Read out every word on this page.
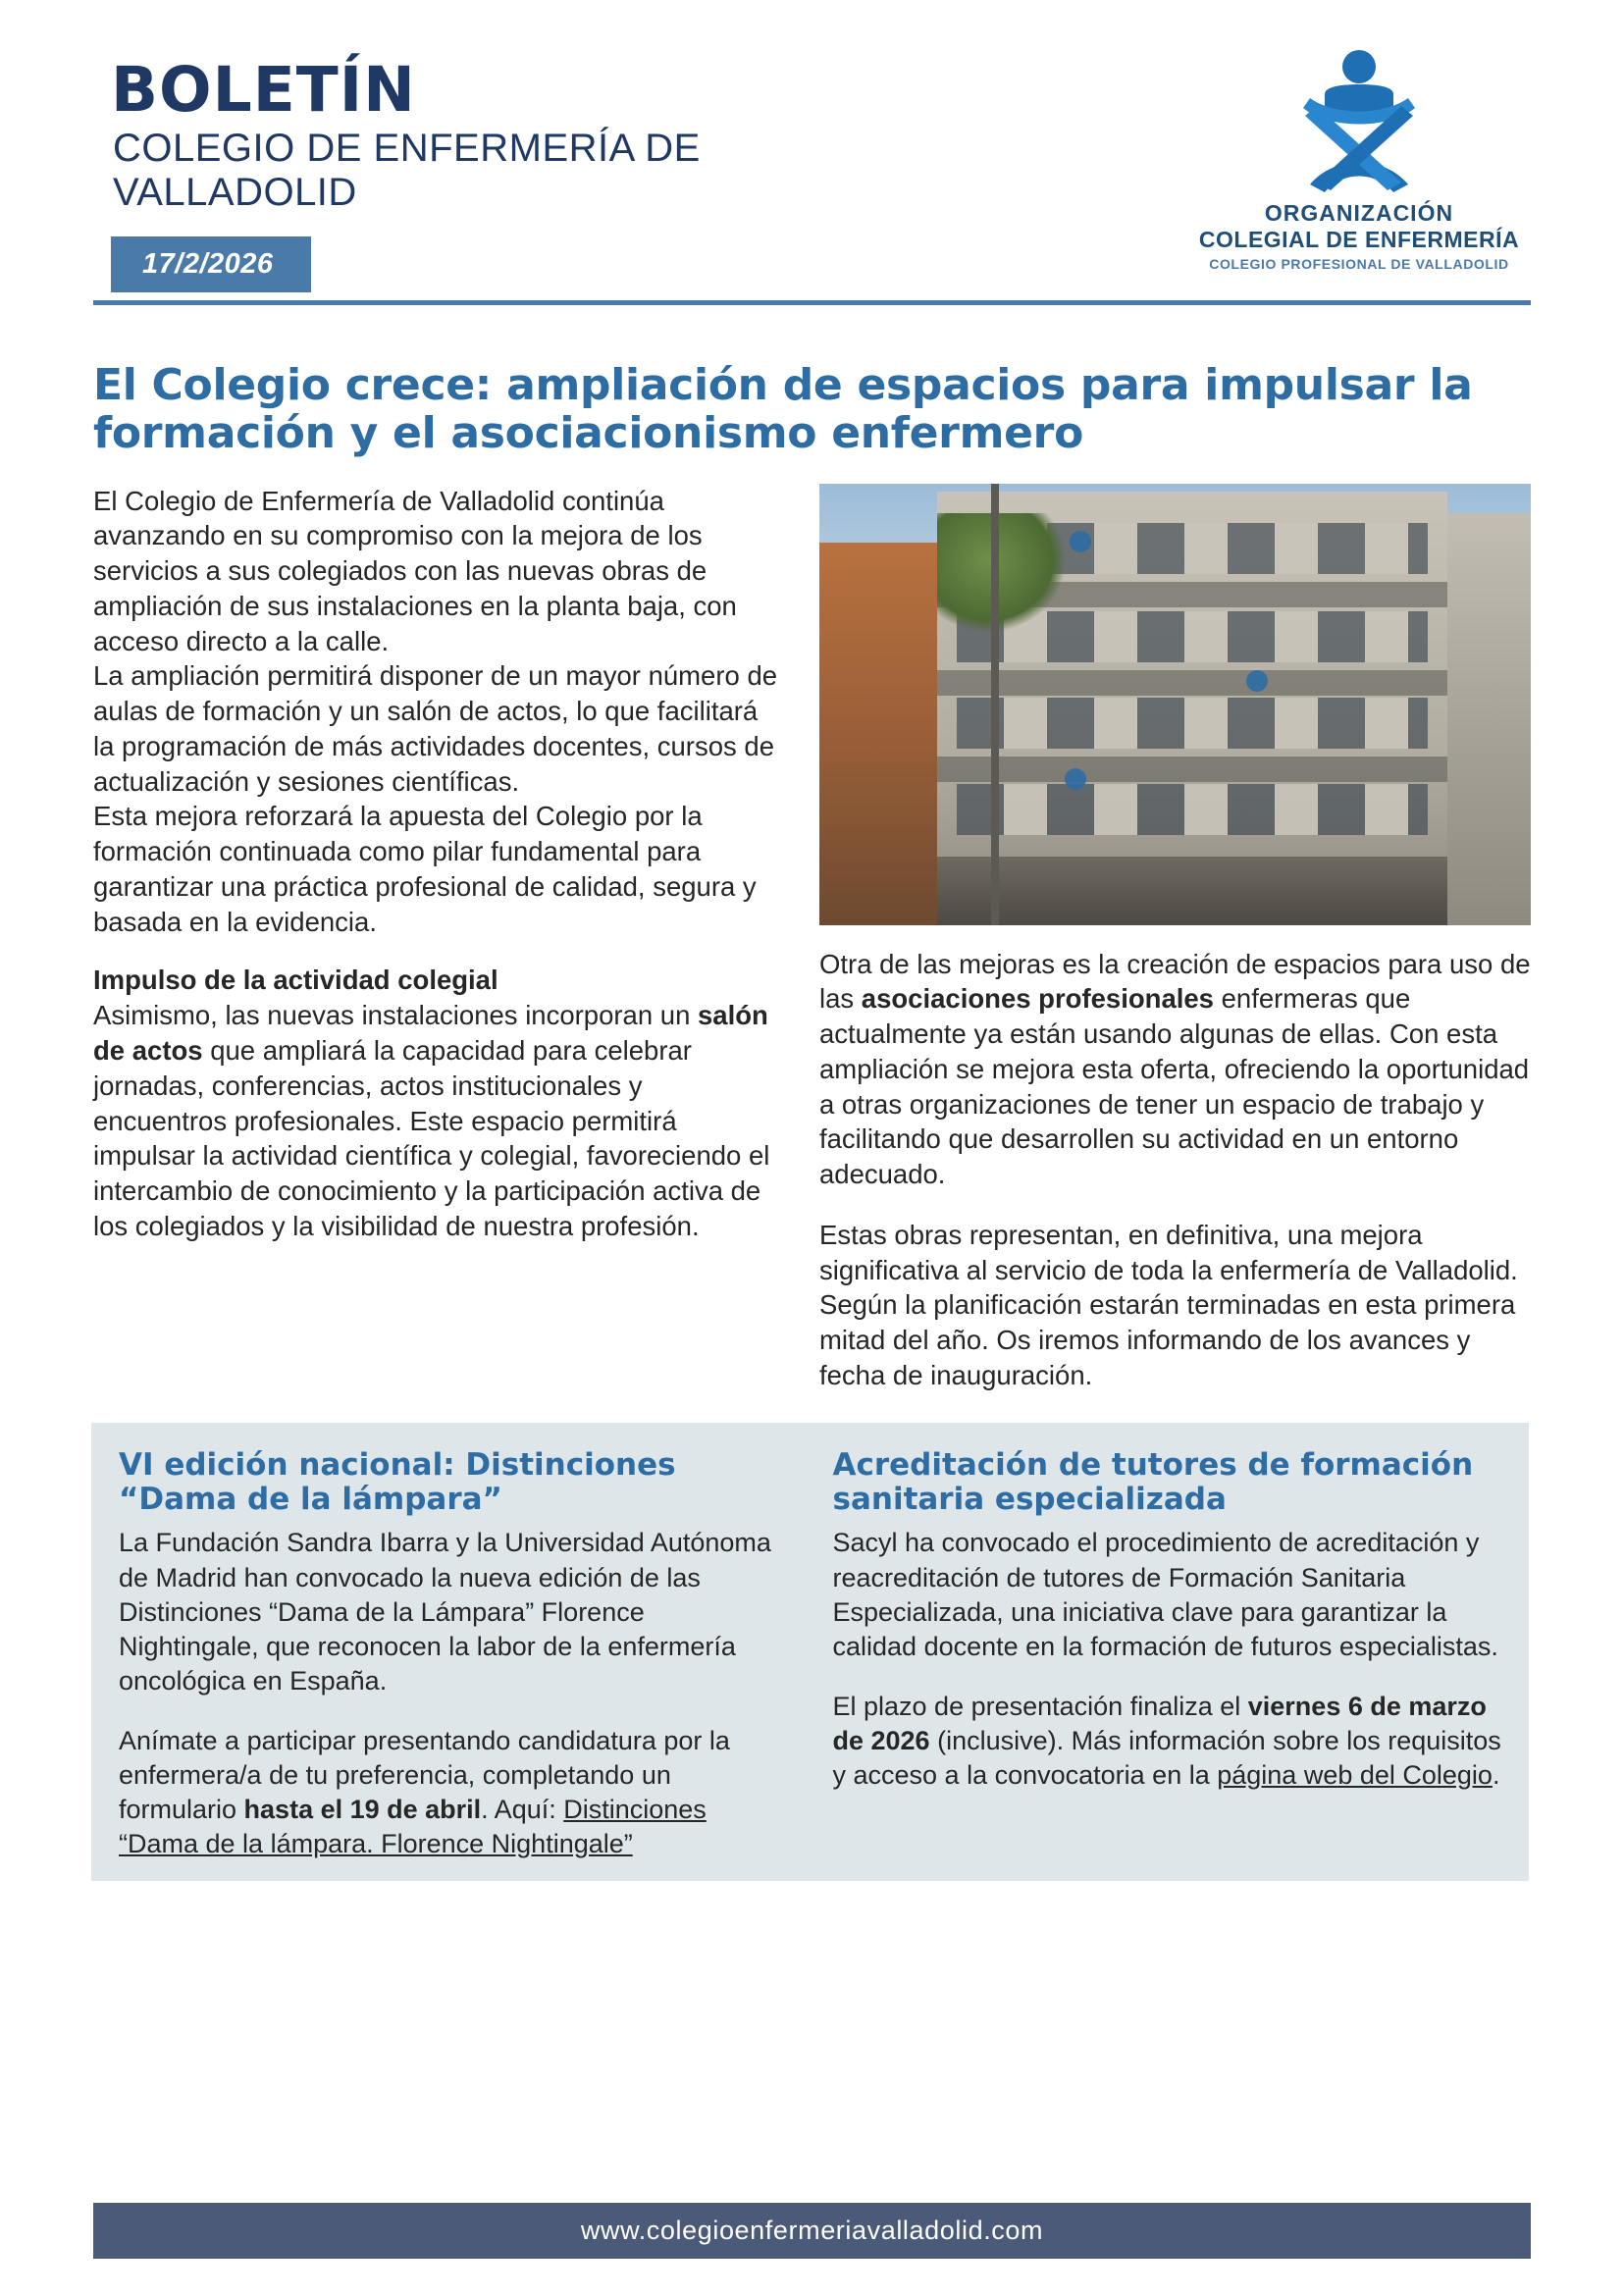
BOLETÍN
COLEGIO DE ENFERMERÍA DE VALLADOLID
17/2/2026
ORGANIZACIÓN
COLEGIAL DE ENFERMERÍA
COLEGIO PROFESIONAL DE VALLADOLID
El Colegio crece: ampliación de espacios para impulsar la formación y el asociacionismo enfermero

El Colegio de Enfermería de Valladolid continúa avanzando en su compromiso con la mejora de los servicios a sus colegiados con las nuevas obras de ampliación de sus instalaciones en la planta baja, con acceso directo a la calle.

La ampliación permitirá disponer de un mayor número de aulas de formación y un salón de actos, lo que facilitará la programación de más actividades docentes, cursos de actualización y sesiones científicas.

Esta mejora reforzará la apuesta del Colegio por la formación continuada como pilar fundamental para garantizar una práctica profesional de calidad, segura y basada en la evidencia.

Impulso de la actividad colegial

Asimismo, las nuevas instalaciones incorporan un salón de actos que ampliará la capacidad para celebrar jornadas, conferencias, actos institucionales y encuentros profesionales. Este espacio permitirá impulsar la actividad científica y colegial, favoreciendo el intercambio de conocimiento y la participación activa de los colegiados y la visibilidad de nuestra profesión.

Otra de las mejoras es la creación de espacios para uso de las asociaciones profesionales enfermeras que actualmente ya están usando algunas de ellas. Con esta ampliación se mejora esta oferta, ofreciendo la oportunidad a otras organizaciones de tener un espacio de trabajo y facilitando que desarrollen su actividad en un entorno adecuado.

Estas obras representan, en definitiva, una mejora significativa al servicio de toda la enfermería de Valladolid. Según la planificación estarán terminadas en esta primera mitad del año. Os iremos informando de los avances y fecha de inauguración.

VI edición nacional: Distinciones “Dama de la lámpara”

La Fundación Sandra Ibarra y la Universidad Autónoma de Madrid han convocado la nueva edición de las Distinciones “Dama de la Lámpara” Florence Nightingale, que reconocen la labor de la enfermería oncológica en España.

Anímate a participar presentando candidatura por la enfermera/a de tu preferencia, completando un formulario hasta el 19 de abril. Aquí: Distinciones “Dama de la lámpara. Florence Nightingale”

Acreditación de tutores de formación sanitaria especializada

Sacyl ha convocado el procedimiento de acreditación y reacreditación de tutores de Formación Sanitaria Especializada, una iniciativa clave para garantizar la calidad docente en la formación de futuros especialistas.

El plazo de presentación finaliza el viernes 6 de marzo de 2026 (inclusive). Más información sobre los requisitos y acceso a la convocatoria en la página web del Colegio.

www.colegioenfermeriavalladolid.com
